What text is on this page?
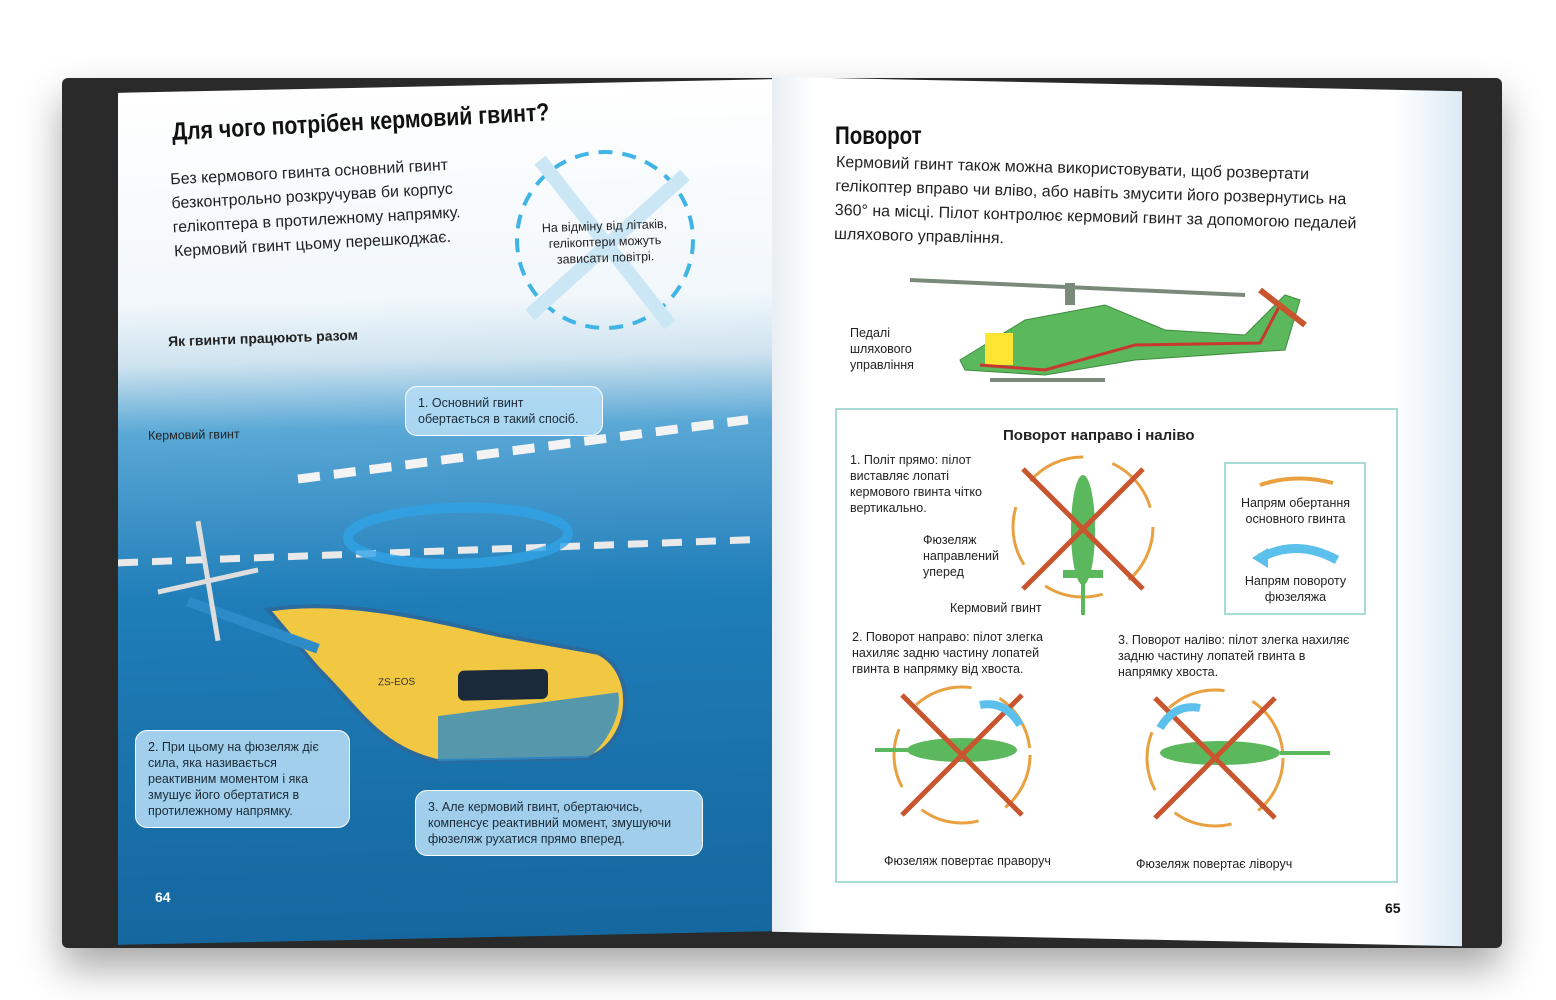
ZS-EOS
Для чого потрібен кермовий гвинт?
Без кермового гвинта основний гвинт безконтрольно розкручував би корпус гелікоптера в протилежному напрямку. Кермовий гвинт цьому перешкоджає.
На відміну від літаків, гелікоптери можуть зависати повітрі.
Як гвинти працюють разом
Кермовий гвинт
1. Основний гвинт обертається в такий спосіб.
2. При цьому на фюзеляж діє сила, яка називається реактивним моментом і яка змушує його обертатися в протилежному напрямку.	3. Але кермовий гвинт, обертаючись, компенсує реактивний момент, змушуючи фюзеляж рухатися прямо вперед.
64
Поворот
Кермовий гвинт також можна використовувати, щоб розвертати гелікоптер вправо чи вліво, або навіть змусити його розвернутись на 360° на місці. Пілот контролює кермовий гвинт за допомогою педалей шляхового управління.
Педалі шляхового управління
Поворот направо і наліво
1. Політ прямо: пілот виставляє лопаті кермового гвинта чітко вертикально.
Фюзеляж направлений уперед
Кермовий гвинт
Напрям обертання основного гвинта
Напрям повороту фюзеляжа
2. Поворот направо: пілот злегка нахиляє задню частину лопатей гвинта в напрямку від хвоста.
3. Поворот наліво: пілот злегка нахиляє задню частину лопатей гвинта в напрямку хвоста.
Фюзеляж повертає праворуч	Фюзеляж повертає ліворуч
65
